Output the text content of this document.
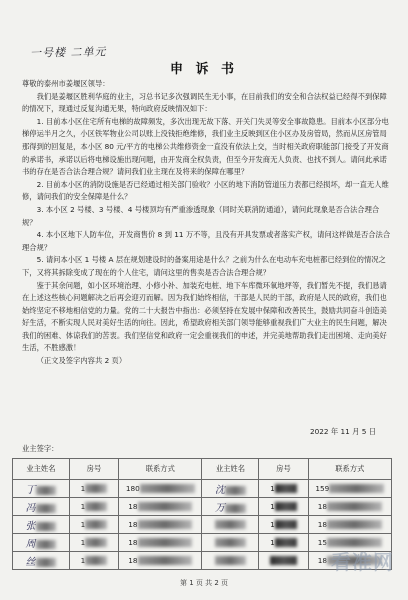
一号楼 二单元
申 诉 书

尊敬的泰州市姜堰区领导：

我们是姜堰区胜利华庭的业主，习总书记多次强调民生无小事，在目前我们的安全和合法权益已经得不到保障的情况下，现通过反复沟通无果，特向政府反映情况如下：

1. 目前本小区住宅所有电梯的故障频发，多次出现无故下落、开关门失灵等安全事故隐患。目前本小区部分电梯停运半月之久，小区铁军物业公司以账上没钱拒绝维修，我们业主反映到区住小区办及房管局，然而从区房管局那得到的回复是，本小区 80 元/平方的电梯公共维修资金一直没有依法上交，当时相关政府职能部门接受了开发商的承诺书，承诺以后将电梯设施出现问题，由开发商全权负责，但至今开发商无人负责、也找不到人。请问此承诺书的存在是否合法合理合规？请问我们业主现在及将来的保障在哪里？

2. 目前本小区的消防设施是否已经通过相关部门验收？小区的地下消防管道压力表都已经损坏，却一直无人维修，请问我们的安全保障是什么？

3. 本小区 2 号楼、3 号楼、4 号楼顶均有严重渗透现象（同时关联消防通道），请问此现象是否合法合理合规？

4. 本小区地下人防车位，开发商售价 8 到 11 万不等，且没有开具发票或者落实产权，请问这样做是否合法合理合规？

5. 请问本小区 1 号楼 A 层在规划建设时的备案用途是什么？之前为什么在电动车充电桩都已经到位的情况之下，又将其拆除变成了现在的个人住宅，请问这里的售卖是否合法合理合规？

鉴于其余问题，如小区环境治理、小修小补、加装充电桩、地下车库微环氧地坪等，我们暂先不提，我们恳请在上述这些核心问题解决之后再会迎刃而解。因为我们始终相信，干部是人民的干部，政府是人民的政府，我们也始终坚定不移地相信党的力量。党的二十大报告中指出：必须坚持在发展中保障和改善民生，鼓励共同奋斗创造美好生活，不断实现人民对美好生活的向往。因此，希望政府相关部门领导能够重视我们广大业主的民生问题，解决我们的困难、体谅我们的苦衷。我们坚信党和政府一定会重视我们的申述，并完美地帮助我们走出困境、走向美好生活，不胜感激！

（正文及签字内容共 2 页）

2022 年 11 月 5 日
业主签字：
业主姓名	房号	联系方式	业主姓名	房号	联系方式
丁	1	180	沈	1	159
冯	1	18	万	1	18
张	1	18		1	18
周	1	18		1	15
丝	1	18			18 看准网
第 1 页 共 2 页
